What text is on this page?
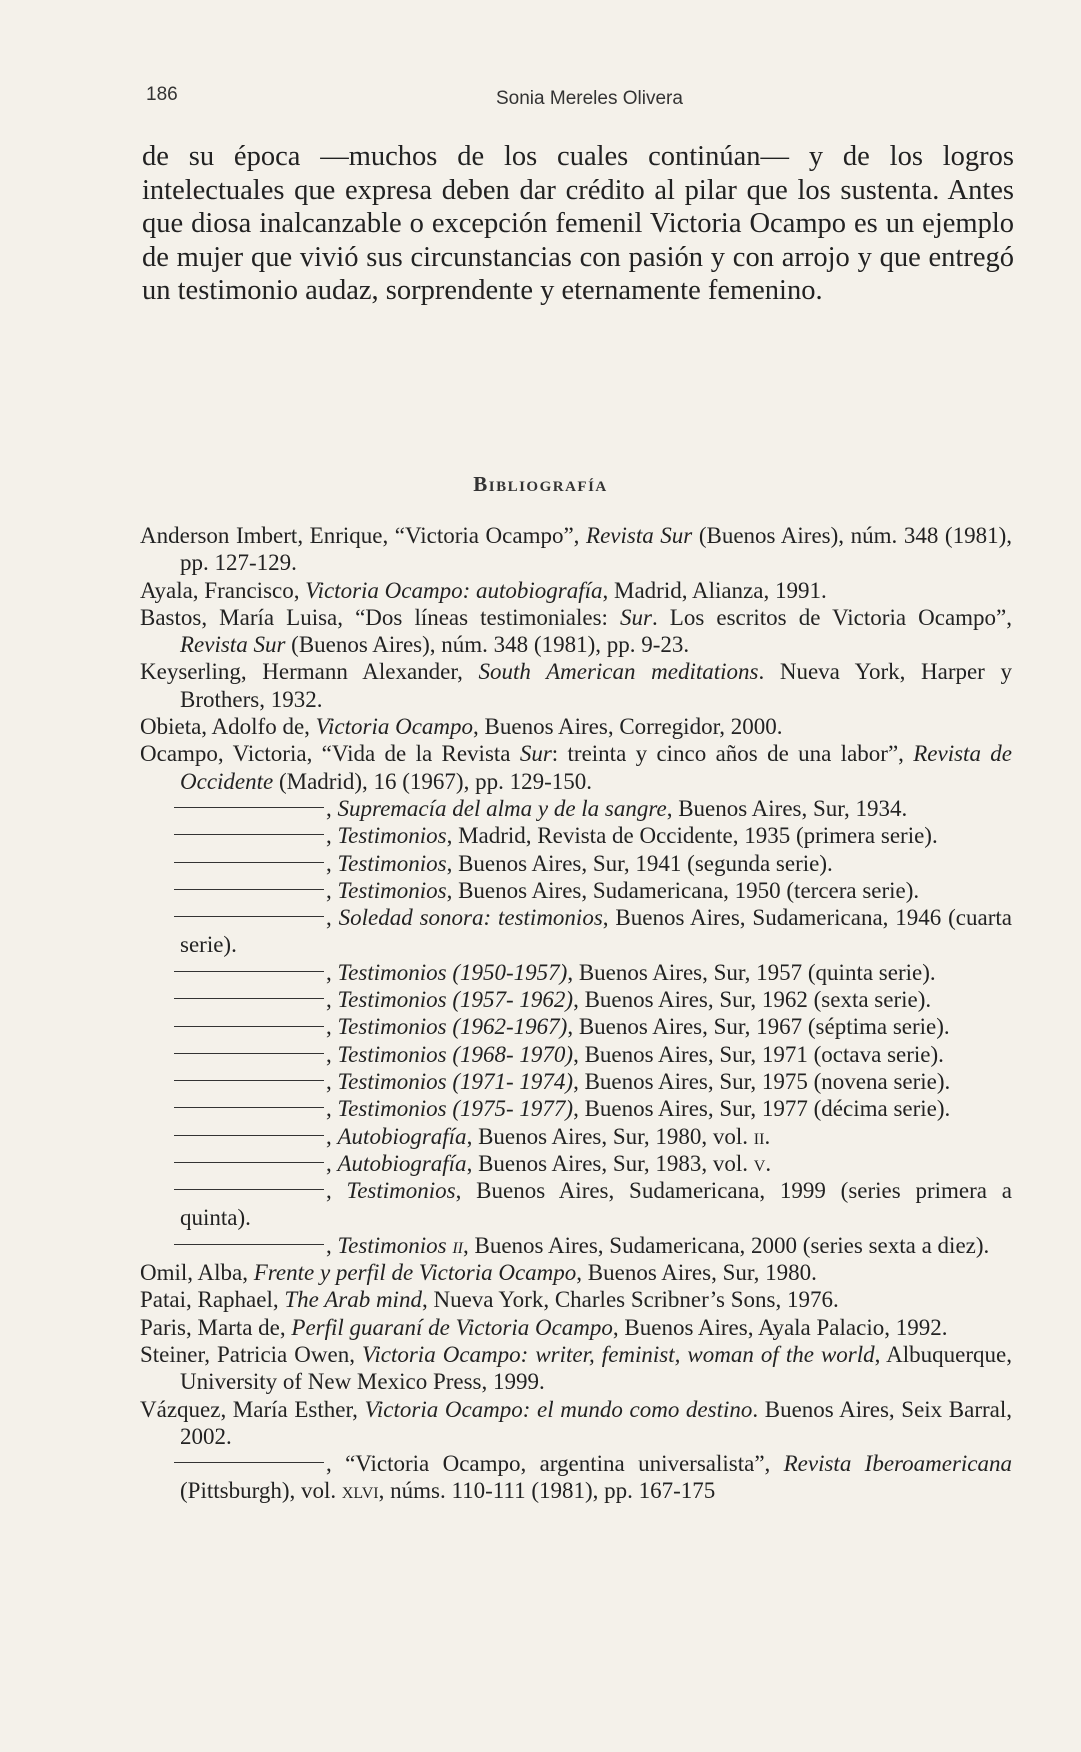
186	Sonia Mereles Olivera

de su época —muchos de los cuales continúan— y de los logros intelectuales que expresa deben dar crédito al pilar que los sustenta. Antes que diosa inalcanzable o excepción femenil Victoria Ocampo es un ejemplo de mujer que vivió sus circunstancias con pasión y con arrojo y que entregó un testimonio audaz, sorprendente y eternamente femenino.

Bibliografía
Anderson Imbert, Enrique, “Victoria Ocampo”, Revista Sur (Buenos Aires), núm. 348 (1981), pp. 127-129.
Ayala, Francisco, Victoria Ocampo: autobiografía, Madrid, Alianza, 1991.
Bastos, María Luisa, “Dos líneas testimoniales: Sur. Los escritos de Victoria Ocampo”, Revista Sur (Buenos Aires), núm. 348 (1981), pp. 9-23.
Keyserling, Hermann Alexander, South American meditations. Nueva York, Harper y Brothers, 1932.
Obieta, Adolfo de, Victoria Ocampo, Buenos Aires, Corregidor, 2000.
Ocampo, Victoria, “Vida de la Revista Sur: treinta y cinco años de una labor”, Revista de Occidente (Madrid), 16 (1967), pp. 129-150.
, Supremacía del alma y de la sangre, Buenos Aires, Sur, 1934.
, Testimonios, Madrid, Revista de Occidente, 1935 (primera serie).
, Testimonios, Buenos Aires, Sur, 1941 (segunda serie).
, Testimonios, Buenos Aires, Sudamericana, 1950 (tercera serie).
, Soledad sonora: testimonios, Buenos Aires, Sudamericana, 1946 (cuarta serie).
, Testimonios (1950-1957), Buenos Aires, Sur, 1957 (quinta serie).
, Testimonios (1957- 1962), Buenos Aires, Sur, 1962 (sexta serie).
, Testimonios (1962-1967), Buenos Aires, Sur, 1967 (séptima serie).
, Testimonios (1968- 1970), Buenos Aires, Sur, 1971 (octava serie).
, Testimonios (1971- 1974), Buenos Aires, Sur, 1975 (novena serie).
, Testimonios (1975- 1977), Buenos Aires, Sur, 1977 (décima serie).
, Autobiografía, Buenos Aires, Sur, 1980, vol. ii.
, Autobiografía, Buenos Aires, Sur, 1983, vol. v.
, Testimonios, Buenos Aires, Sudamericana, 1999 (series primera a quinta).
, Testimonios ii, Buenos Aires, Sudamericana, 2000 (series sexta a diez).
Omil, Alba, Frente y perfil de Victoria Ocampo, Buenos Aires, Sur, 1980.
Patai, Raphael, The Arab mind, Nueva York, Charles Scribner’s Sons, 1976.
Paris, Marta de, Perfil guaraní de Victoria Ocampo, Buenos Aires, Ayala Palacio, 1992.
Steiner, Patricia Owen, Victoria Ocampo: writer, feminist, woman of the world, Albuquerque, University of New Mexico Press, 1999.
Vázquez, María Esther, Victoria Ocampo: el mundo como destino. Buenos Aires, Seix Barral, 2002.
, “Victoria Ocampo, argentina universalista”, Revista Iberoamericana (Pittsburgh), vol. xlvi, núms. 110-111 (1981), pp. 167-175
